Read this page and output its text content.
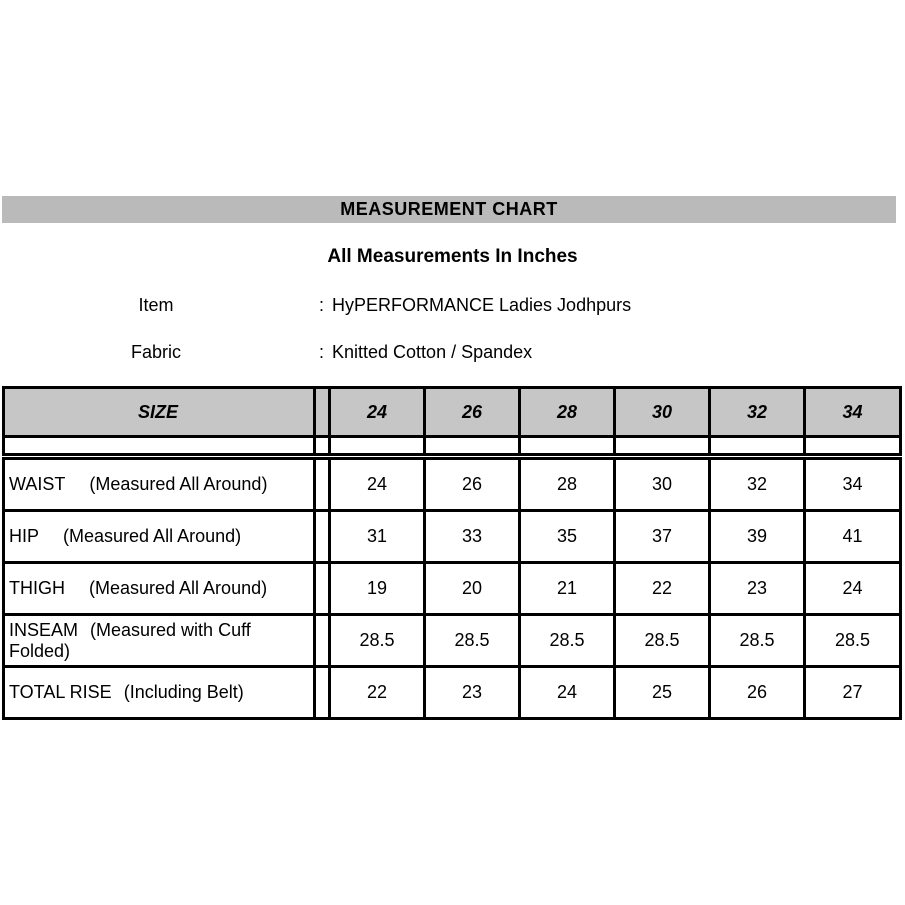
MEASUREMENT CHART
All Measurements In Inches
Item	: HyPERFORMANCE Ladies Jodhpurs
Fabric	: Knitted Cotton / Spandex
SIZE		24	26	28	30	32	34

WAIST (Measured All Around)		24	26	28	30	32	34
HIP (Measured All Around)		31	33	35	37	39	41
THIGH (Measured All Around)		19	20	21	22	23	24
INSEAM (Measured with Cuff Folded)		28.5	28.5	28.5	28.5	28.5	28.5
TOTAL RISE (Including Belt)		22	23	24	25	26	27
